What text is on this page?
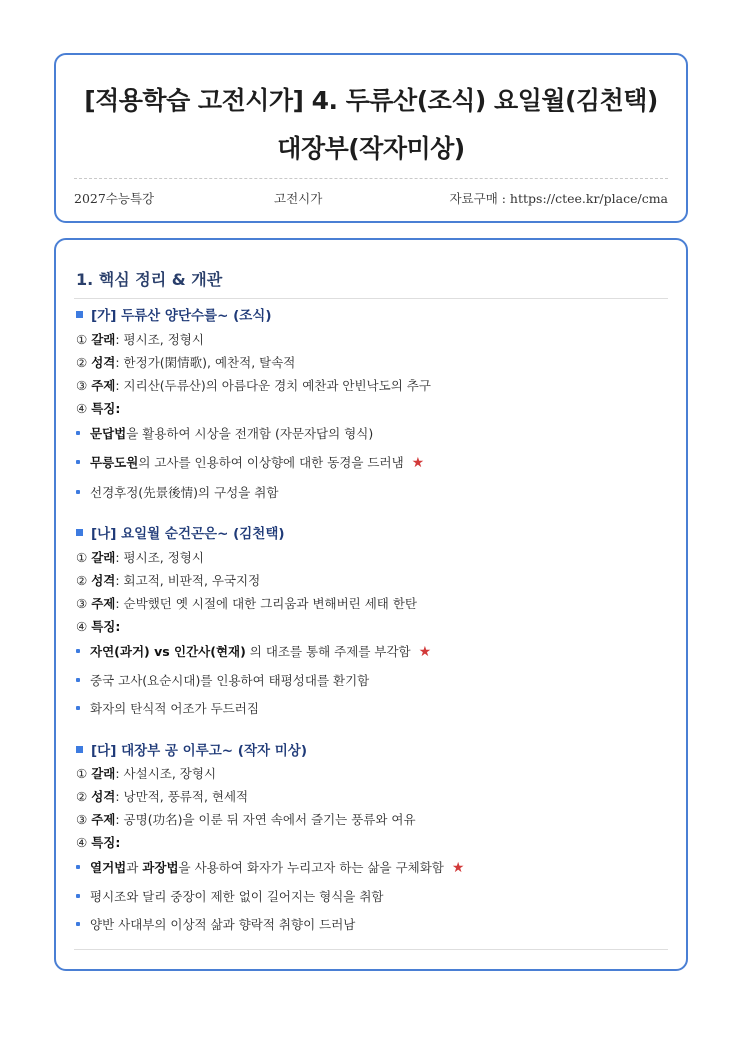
[적용학습 고전시가] 4. 두류산(조식) 요일월(김천택)
대장부(작자미상)
2027수능특강	고전시가	자료구매 : https://ctee.kr/place/cma
1. 핵심 정리 & 개관
[가] 두류산 양단수를~ (조식)
① 갈래: 평시조, 정형시
② 성격: 한정가(閑情歌), 예찬적, 탈속적
③ 주제: 지리산(두류산)의 아름다운 경치 예찬과 안빈낙도의 추구
④ 특징:
문답법을 활용하여 시상을 전개함 (자문자답의 형식)
무릉도원의 고사를 인용하여 이상향에 대한 동경을 드러냄 ★
선경후정(先景後情)의 구성을 취함
[나] 요일월 순건곤은~ (김천택)
① 갈래: 평시조, 정형시
② 성격: 회고적, 비판적, 우국지정
③ 주제: 순박했던 옛 시절에 대한 그리움과 변해버린 세태 한탄
④ 특징:
자연(과거) vs 인간사(현재) 의 대조를 통해 주제를 부각함 ★
중국 고사(요순시대)를 인용하여 태평성대를 환기함
화자의 탄식적 어조가 두드러짐
[다] 대장부 공 이루고~ (작자 미상)
① 갈래: 사설시조, 장형시
② 성격: 낭만적, 풍류적, 현세적
③ 주제: 공명(功名)을 이룬 뒤 자연 속에서 즐기는 풍류와 여유
④ 특징:
열거법과 과장법을 사용하여 화자가 누리고자 하는 삶을 구체화함 ★
평시조와 달리 중장이 제한 없이 길어지는 형식을 취함
양반 사대부의 이상적 삶과 향락적 취향이 드러남
